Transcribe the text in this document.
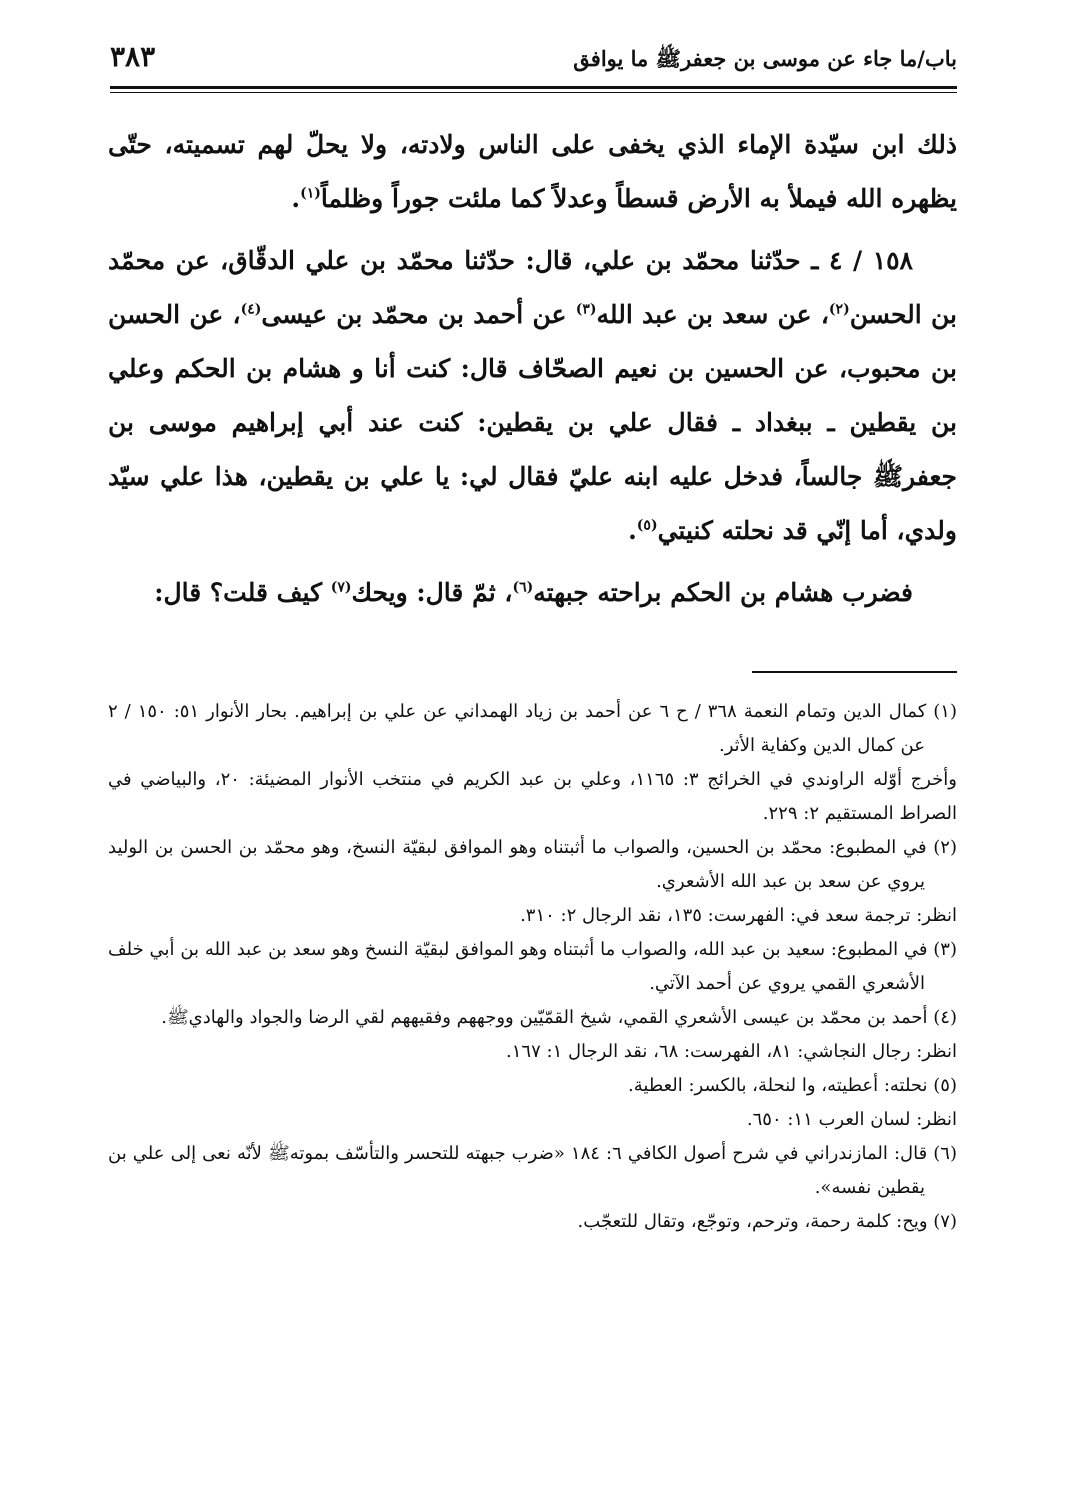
٣٨٣	باب/ما جاء عن موسى بن جعفرﷺ ما يوافق

ذلك ابن سيّدة الإماء الذي يخفى على الناس ولادته، ولا يحلّ لهم تسميته، حتّى يظهره الله فيملأ به الأرض قسطاً وعدلاً كما ملئت جوراً وظلماً$^{(١)}$.

١٥٨ / ٤ ـ حدّثنا محمّد بن علي، قال: حدّثنا محمّد بن علي الدقّاق، عن محمّد بن الحسن$^{(٢)}$، عن سعد بن عبد الله$^{(٣)}$ عن أحمد بن محمّد بن عيسى$^{(٤)}$، عن الحسن بن محبوب، عن الحسين بن نعيم الصحّاف قال: كنت أنا و هشام بن الحكم وعلي بن يقطين ـ ببغداد ـ فقال علي بن يقطين: كنت عند أبي إبراهيم موسى بن جعفرﷺ جالساً، فدخل عليه ابنه عليّ فقال لي: يا علي بن يقطين، هذا علي سيّد ولدي، أما إنّي قد نحلته كنيتي$^{(٥)}$.

فضرب هشام بن الحكم براحته جبهته$^{(٦)}$، ثمّ قال: ويحك$^{(٧)}$ كيف قلت؟ قال:

(١) كمال الدين وتمام النعمة ٣٦٨ / ح ٦ عن أحمد بن زياد الهمداني عن علي بن إبراهيم. بحار الأنوار ٥١: ١٥٠ / ٢ عن كمال الدين وكفاية الأثر.

وأخرج أوّله الراوندي في الخرائج ٣: ١١٦٥، وعلي بن عبد الكريم في منتخب الأنوار المضيئة: ٢٠، والبياضي في الصراط المستقيم ٢: ٢٢٩.

(٢) في المطبوع: محمّد بن الحسين، والصواب ما أثبتناه وهو الموافق لبقيّة النسخ، وهو محمّد بن الحسن بن الوليد يروي عن سعد بن عبد الله الأشعري.

انظر: ترجمة سعد في: الفهرست: ١٣٥، نقد الرجال ٢: ٣١٠.

(٣) في المطبوع: سعيد بن عبد الله، والصواب ما أثبتناه وهو الموافق لبقيّة النسخ وهو سعد بن عبد الله بن أبي خلف الأشعري القمي يروي عن أحمد الآتي.

(٤) أحمد بن محمّد بن عيسى الأشعري القمي، شيخ القمّيّين ووجههم وفقيههم لقي الرضا والجواد والهاديﷺ.

انظر: رجال النجاشي: ٨١، الفهرست: ٦٨، نقد الرجال ١: ١٦٧.

(٥) نحلته: أعطيته، وا لنحلة، بالكسر: العطية.

انظر: لسان العرب ١١: ٦٥٠.

(٦) قال: المازندراني في شرح أصول الكافي ٦: ١٨٤ «ضرب جبهته للتحسر والتأسّف بموتهﷺ لأنّه نعى إلى علي بن يقطين نفسه».

(٧) ويح: كلمة رحمة، وترحم، وتوجّع، وتقال للتعجّب.
